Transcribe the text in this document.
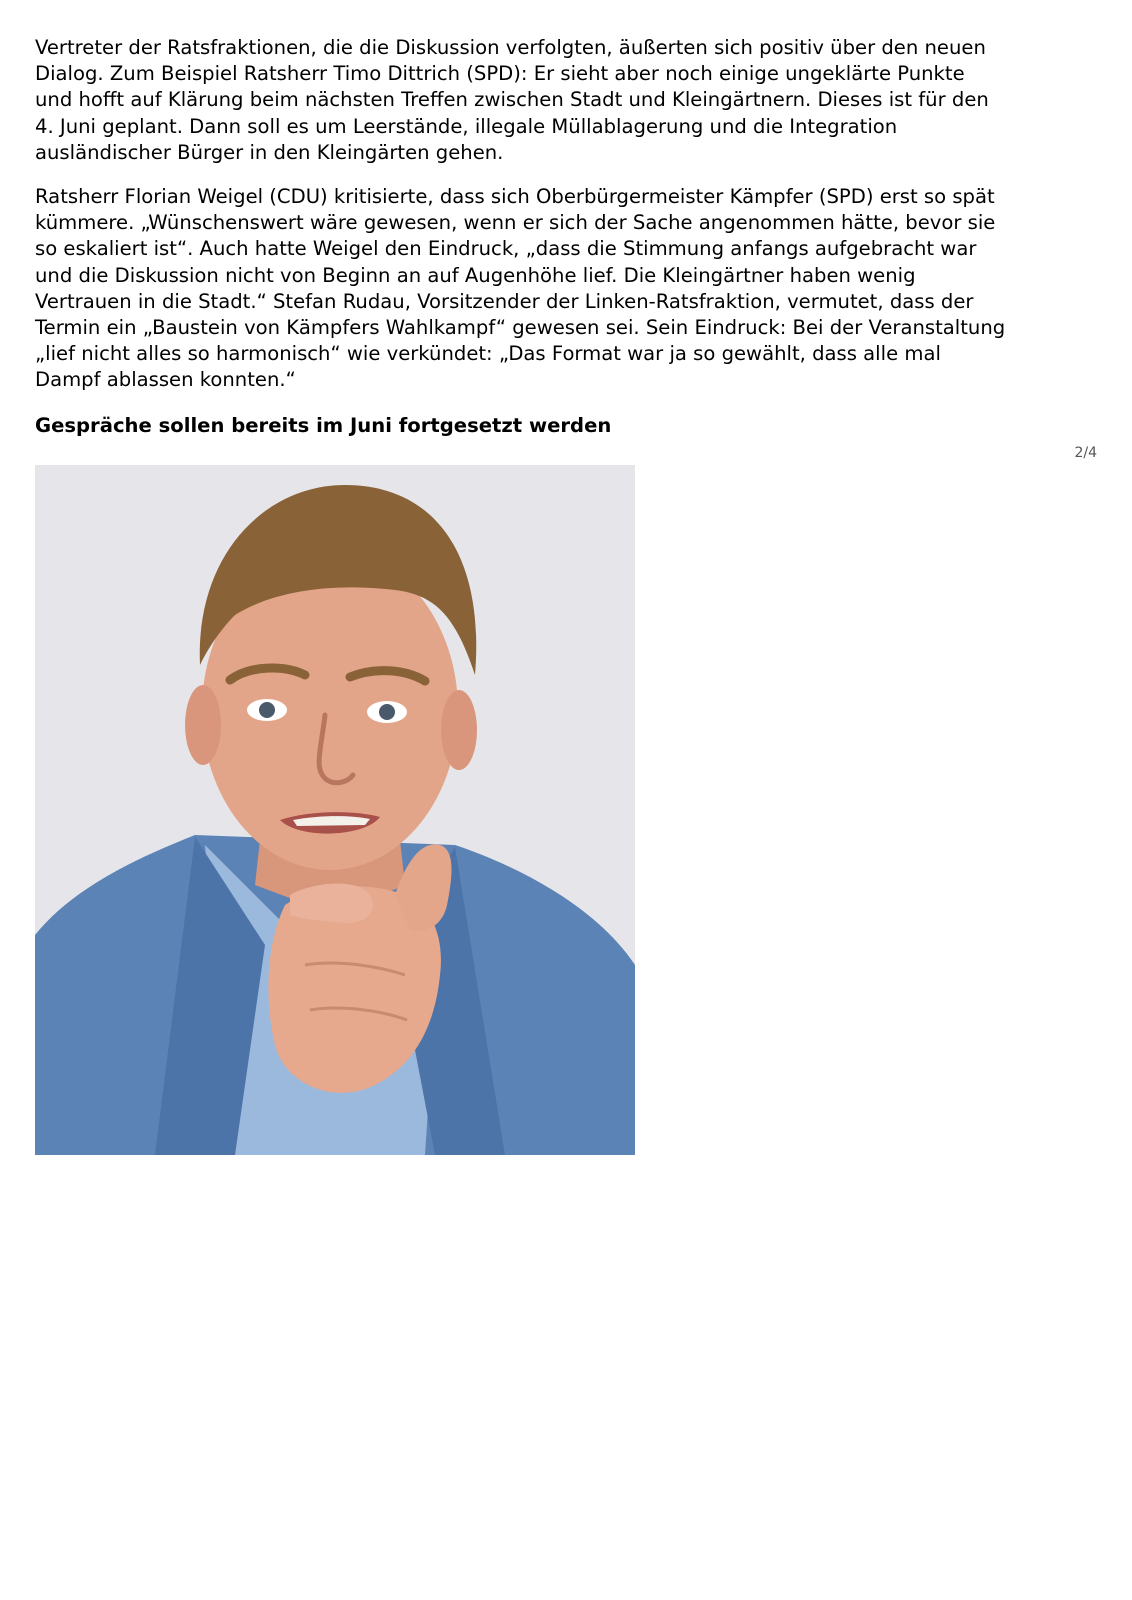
Vertreter der Ratsfraktionen, die die Diskussion verfolgten, äußerten sich positiv über den neuen
Dialog. Zum Beispiel Ratsherr Timo Dittrich (SPD): Er sieht aber noch einige ungeklärte Punkte
und hofft auf Klärung beim nächsten Treffen zwischen Stadt und Kleingärtnern. Dieses ist für den
4. Juni geplant. Dann soll es um Leerstände, illegale Müllablagerung und die Integration
ausländischer Bürger in den Kleingärten gehen.

Ratsherr Florian Weigel (CDU) kritisierte, dass sich Oberbürgermeister Kämpfer (SPD) erst so spät
kümmere. „Wünschenswert wäre gewesen, wenn er sich der Sache angenommen hätte, bevor sie
so eskaliert ist“. Auch hatte Weigel den Eindruck, „dass die Stimmung anfangs aufgebracht war
und die Diskussion nicht von Beginn an auf Augenhöhe lief. Die Kleingärtner haben wenig
Vertrauen in die Stadt.“ Stefan Rudau, Vorsitzender der Linken-Ratsfraktion, vermutet, dass der
Termin ein „Baustein von Kämpfers Wahlkampf“ gewesen sei. Sein Eindruck: Bei der Veranstaltung
„lief nicht alles so harmonisch“ wie verkündet: „Das Format war ja so gewählt, dass alle mal
Dampf ablassen konnten.“

Gespräche sollen bereits im Juni fortgesetzt werden
2/4
